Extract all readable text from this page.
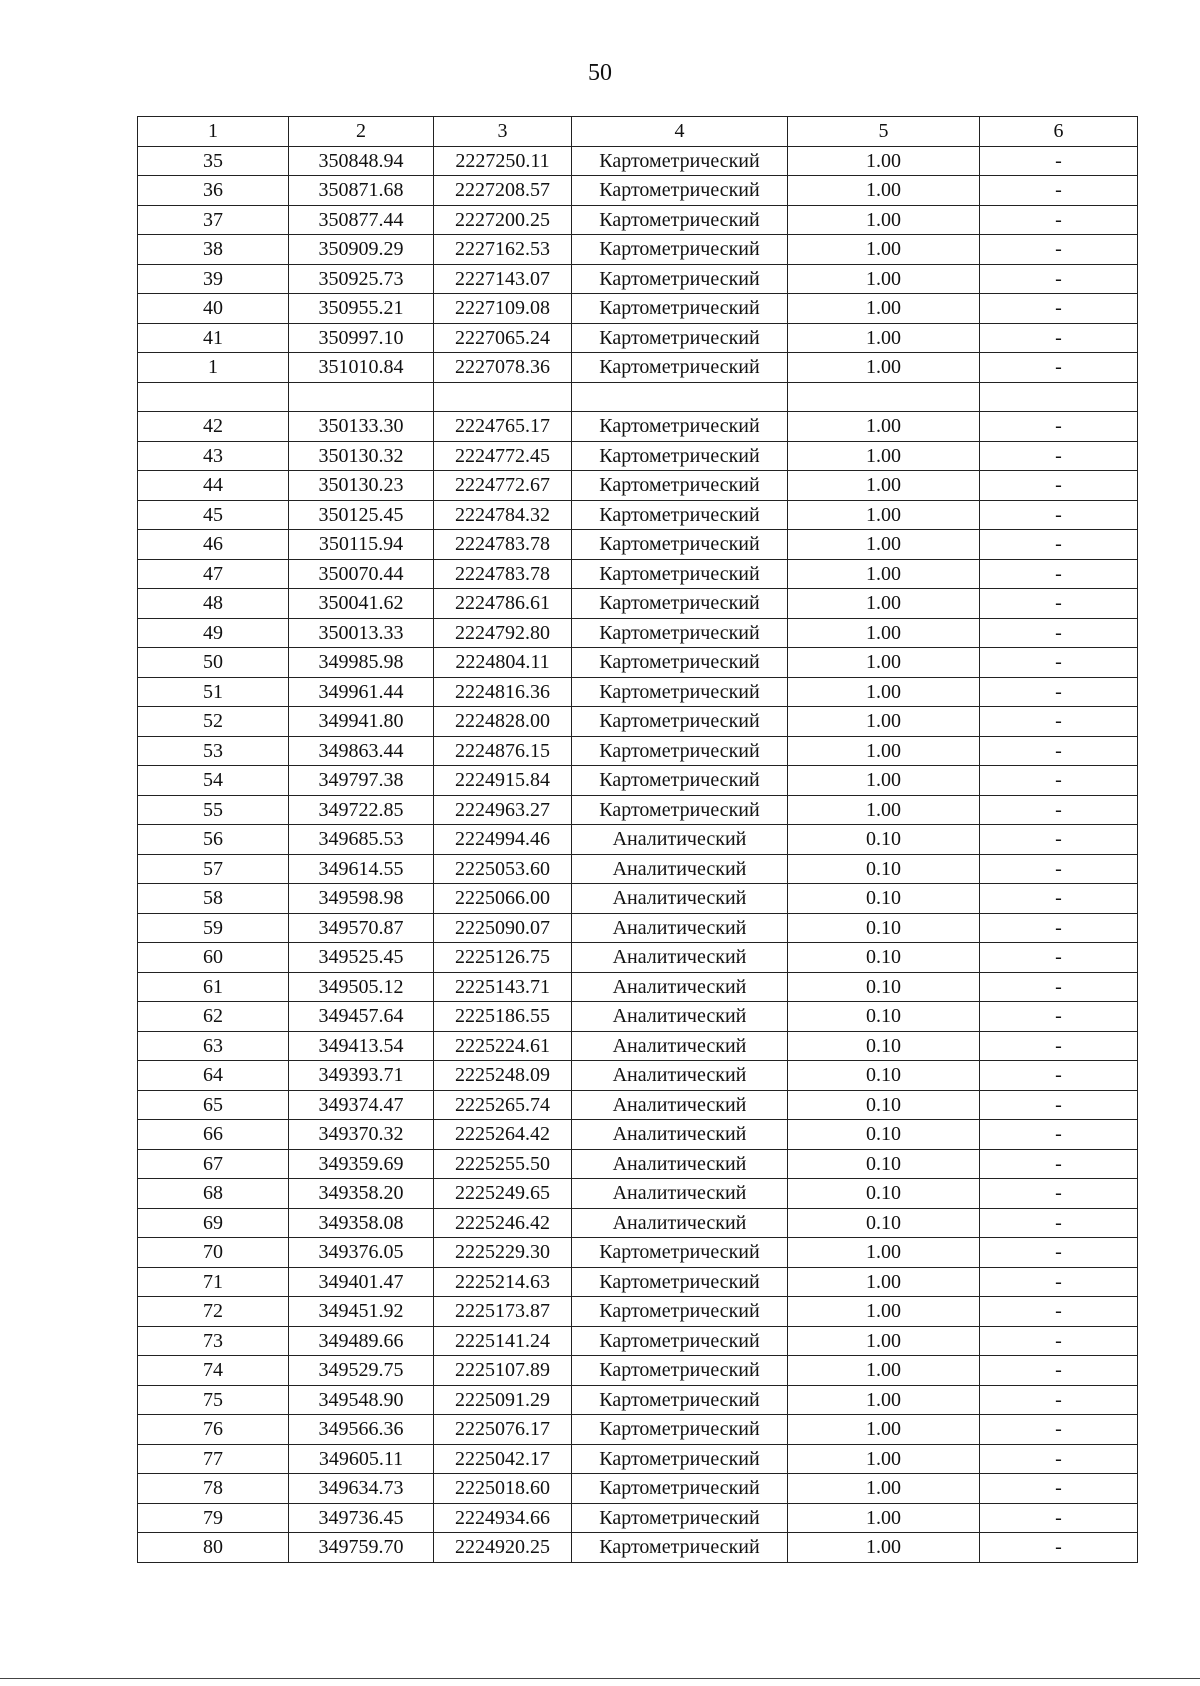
50
1	2	3	4	5	6
35	350848.94	2227250.11	Картометрический	1.00	-
36	350871.68	2227208.57	Картометрический	1.00	-
37	350877.44	2227200.25	Картометрический	1.00	-
38	350909.29	2227162.53	Картометрический	1.00	-
39	350925.73	2227143.07	Картометрический	1.00	-
40	350955.21	2227109.08	Картометрический	1.00	-
41	350997.10	2227065.24	Картометрический	1.00	-
1	351010.84	2227078.36	Картометрический	1.00	-

42	350133.30	2224765.17	Картометрический	1.00	-
43	350130.32	2224772.45	Картометрический	1.00	-
44	350130.23	2224772.67	Картометрический	1.00	-
45	350125.45	2224784.32	Картометрический	1.00	-
46	350115.94	2224783.78	Картометрический	1.00	-
47	350070.44	2224783.78	Картометрический	1.00	-
48	350041.62	2224786.61	Картометрический	1.00	-
49	350013.33	2224792.80	Картометрический	1.00	-
50	349985.98	2224804.11	Картометрический	1.00	-
51	349961.44	2224816.36	Картометрический	1.00	-
52	349941.80	2224828.00	Картометрический	1.00	-
53	349863.44	2224876.15	Картометрический	1.00	-
54	349797.38	2224915.84	Картометрический	1.00	-
55	349722.85	2224963.27	Картометрический	1.00	-
56	349685.53	2224994.46	Аналитический	0.10	-
57	349614.55	2225053.60	Аналитический	0.10	-
58	349598.98	2225066.00	Аналитический	0.10	-
59	349570.87	2225090.07	Аналитический	0.10	-
60	349525.45	2225126.75	Аналитический	0.10	-
61	349505.12	2225143.71	Аналитический	0.10	-
62	349457.64	2225186.55	Аналитический	0.10	-
63	349413.54	2225224.61	Аналитический	0.10	-
64	349393.71	2225248.09	Аналитический	0.10	-
65	349374.47	2225265.74	Аналитический	0.10	-
66	349370.32	2225264.42	Аналитический	0.10	-
67	349359.69	2225255.50	Аналитический	0.10	-
68	349358.20	2225249.65	Аналитический	0.10	-
69	349358.08	2225246.42	Аналитический	0.10	-
70	349376.05	2225229.30	Картометрический	1.00	-
71	349401.47	2225214.63	Картометрический	1.00	-
72	349451.92	2225173.87	Картометрический	1.00	-
73	349489.66	2225141.24	Картометрический	1.00	-
74	349529.75	2225107.89	Картометрический	1.00	-
75	349548.90	2225091.29	Картометрический	1.00	-
76	349566.36	2225076.17	Картометрический	1.00	-
77	349605.11	2225042.17	Картометрический	1.00	-
78	349634.73	2225018.60	Картометрический	1.00	-
79	349736.45	2224934.66	Картометрический	1.00	-
80	349759.70	2224920.25	Картометрический	1.00	-
